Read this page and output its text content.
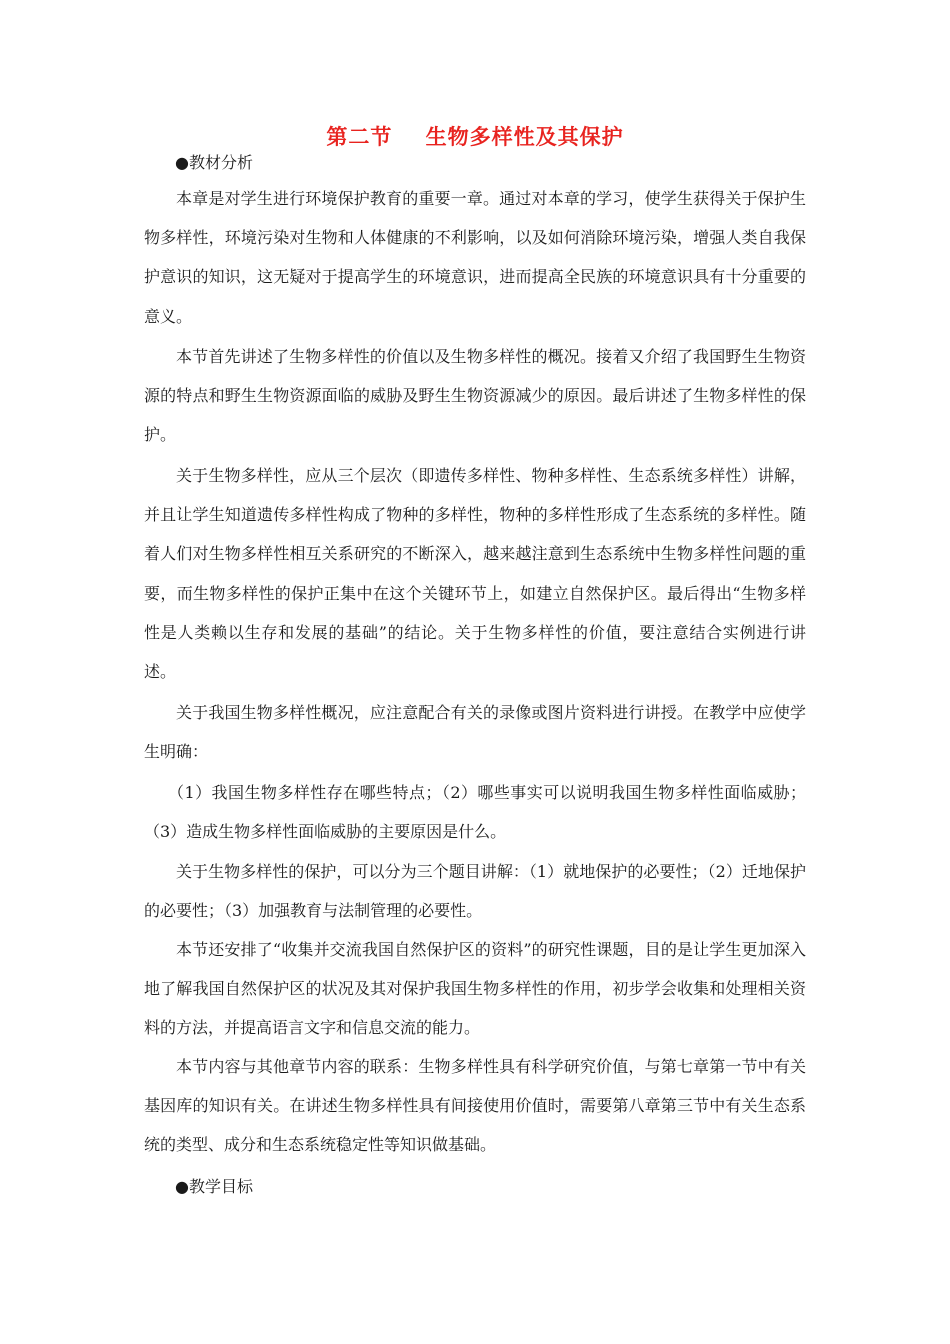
第二节    生物多样性及其保护
●教材分析

本章是对学生进行环境保护教育的重要一章。通过对本章的学习，使学生获得关于保护生物多样性，环境污染对生物和人体健康的不利影响，以及如何消除环境污染，增强人类自我保护意识的知识，这无疑对于提高学生的环境意识，进而提高全民族的环境意识具有十分重要的意义。

本节首先讲述了生物多样性的价值以及生物多样性的概况。接着又介绍了我国野生生物资源的特点和野生生物资源面临的威胁及野生生物资源减少的原因。最后讲述了生物多样性的保护。

关于生物多样性，应从三个层次（即遗传多样性、物种多样性、生态系统多样性）讲解，并且让学生知道遗传多样性构成了物种的多样性，物种的多样性形成了生态系统的多样性。随着人们对生物多样性相互关系研究的不断深入，越来越注意到生态系统中生物多样性问题的重要，而生物多样性的保护正集中在这个关键环节上，如建立自然保护区。最后得出“生物多样性是人类赖以生存和发展的基础”的结论。关于生物多样性的价值，要注意结合实例进行讲述。

关于我国生物多样性概况，应注意配合有关的录像或图片资料进行讲授。在教学中应使学生明确：

（1）我国生物多样性存在哪些特点；（2）哪些事实可以说明我国生物多样性面临威胁；（3）造成生物多样性面临威胁的主要原因是什么。

关于生物多样性的保护，可以分为三个题目讲解：（1）就地保护的必要性；（2）迁地保护的必要性；（3）加强教育与法制管理的必要性。

本节还安排了“收集并交流我国自然保护区的资料”的研究性课题，目的是让学生更加深入地了解我国自然保护区的状况及其对保护我国生物多样性的作用，初步学会收集和处理相关资料的方法，并提高语言文字和信息交流的能力。

本节内容与其他章节内容的联系：生物多样性具有科学研究价值，与第七章第一节中有关基因库的知识有关。在讲述生物多样性具有间接使用价值时，需要第八章第三节中有关生态系统的类型、成分和生态系统稳定性等知识做基础。

●教学目标
